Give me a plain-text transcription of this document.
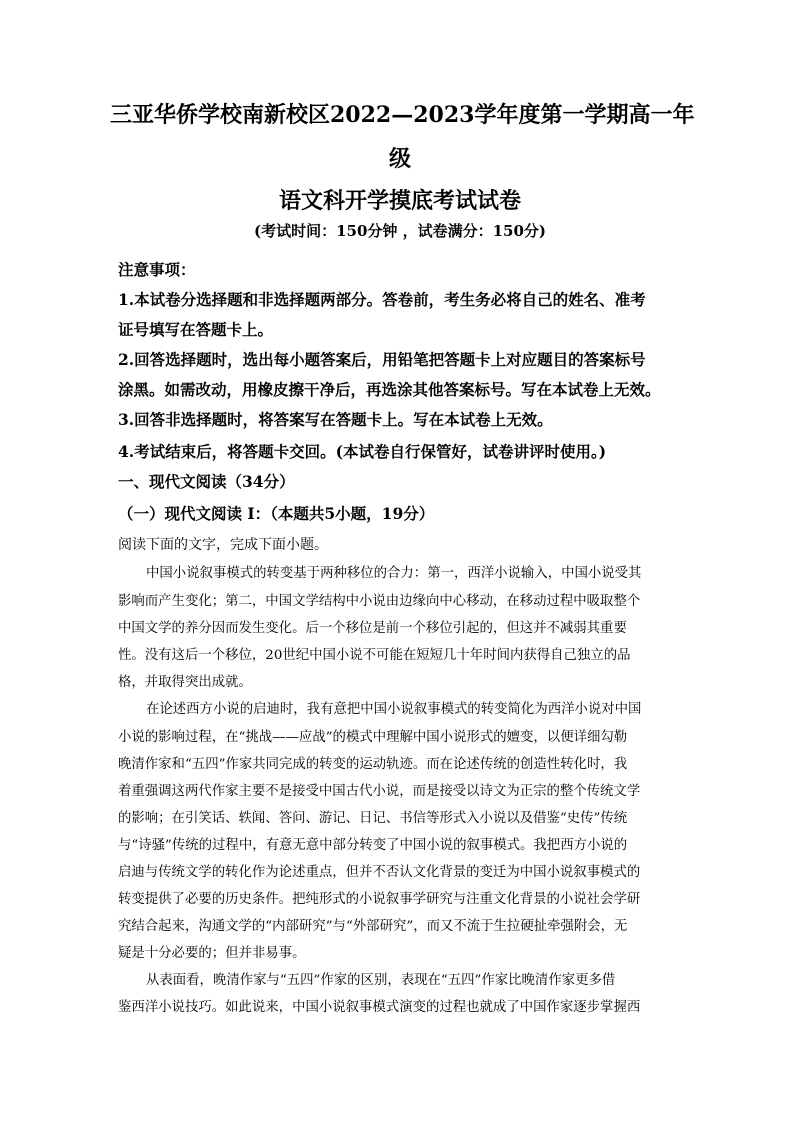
三亚华侨学校南新校区2022—2023学年度第一学期高一年
级
语文科开学摸底考试试卷
(考试时间：150分钟 ，试卷满分：150分)
注意事项：
1.本试卷分选择题和非选择题两部分。答卷前，考生务必将自己的姓名、准考
证号填写在答题卡上。
2.回答选择题时，选出每小题答案后，用铅笔把答题卡上对应题目的答案标号
涂黑。如需改动，用橡皮擦干净后，再选涂其他答案标号。写在本试卷上无效。
3.回答非选择题时，将答案写在答题卡上。写在本试卷上无效。
4.考试结束后，将答题卡交回。(本试卷自行保管好，试卷讲评时使用。)
一、现代文阅读（34分）
（一）现代文阅读 I：（本题共5小题，19分）
阅读下面的文字，完成下面小题。
中国小说叙事模式的转变基于两种移位的合力：第一，西洋小说输入，中国小说受其
影响而产生变化；第二，中国文学结构中小说由边缘向中心移动，在移动过程中吸取整个
中国文学的养分因而发生变化。后一个移位是前一个移位引起的，但这并不减弱其重要
性。没有这后一个移位，20世纪中国小说不可能在短短几十年时间内获得自己独立的品
格，并取得突出成就。
在论述西方小说的启迪时，我有意把中国小说叙事模式的转变简化为西洋小说对中国
小说的影响过程，在“挑战——应战”的模式中理解中国小说形式的嬗变，以便详细勾勒
晚清作家和“五四”作家共同完成的转变的运动轨迹。而在论述传统的创造性转化时，我
着重强调这两代作家主要不是接受中国古代小说，而是接受以诗文为正宗的整个传统文学
的影响；在引笑话、轶闻、答问、游记、日记、书信等形式入小说以及借鉴“史传”传统
与“诗骚”传统的过程中，有意无意中部分转变了中国小说的叙事模式。我把西方小说的
启迪与传统文学的转化作为论述重点，但并不否认文化背景的变迁为中国小说叙事模式的
转变提供了必要的历史条件。把纯形式的小说叙事学研究与注重文化背景的小说社会学研
究结合起来，沟通文学的“内部研究”与“外部研究”，而又不流于生拉硬扯牵强附会，无
疑是十分必要的；但并非易事。
从表面看，晚清作家与“五四”作家的区别，表现在“五四”作家比晚清作家更多借
鉴西洋小说技巧。如此说来，中国小说叙事模式演变的过程也就成了中国作家逐步掌握西
